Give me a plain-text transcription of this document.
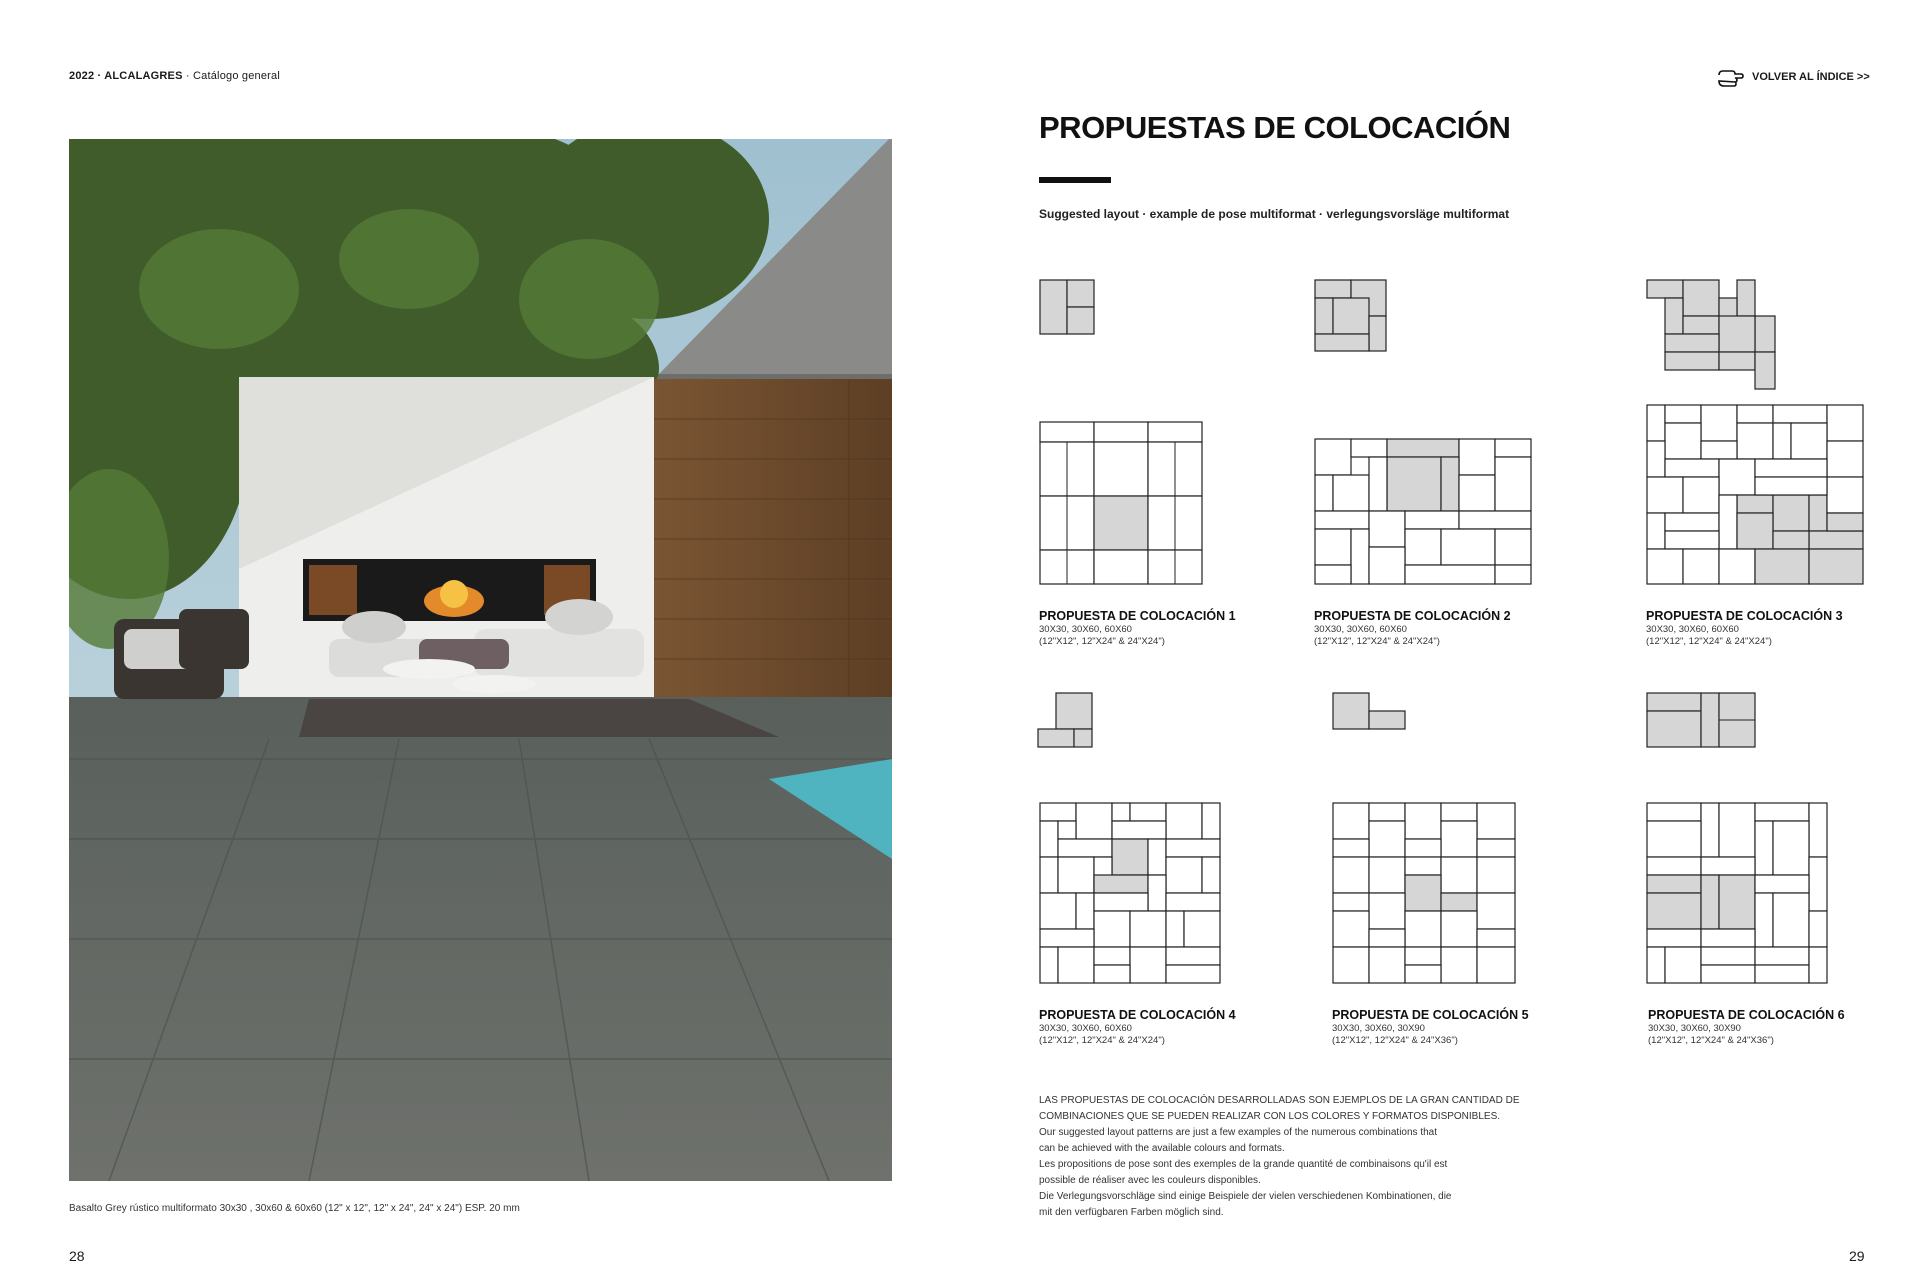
2022 · ALCALAGRES · Catálogo general	VOLVER AL ÍNDICE >>
Basalto Grey rústico multiformato 30x30 , 30x60 & 60x60 (12" x 12", 12" x 24", 24" x 24") ESP. 20 mm
28
PROPUESTAS DE COLOCACIÓN
Suggested layout · example de pose multiformat · verlegungsvorsläge multiformat
PROPUESTA DE COLOCACIÓN 1
30X30, 30X60, 60X60
(12"X12", 12"X24" & 24"X24")
PROPUESTA DE COLOCACIÓN 2
30X30, 30X60, 60X60
(12"X12", 12"X24" & 24"X24")
PROPUESTA DE COLOCACIÓN 3
30X30, 30X60, 60X60
(12"X12", 12"X24" & 24"X24")
PROPUESTA DE COLOCACIÓN 4
30X30, 30X60, 60X60
(12"X12", 12"X24" & 24"X24")
PROPUESTA DE COLOCACIÓN 5
30X30, 30X60, 30X90
(12"X12", 12"X24" & 24"X36")
PROPUESTA DE COLOCACIÓN 6
30X30, 30X60, 30X90
(12"X12", 12"X24" & 24"X36")
LAS PROPUESTAS DE COLOCACIÓN DESARROLLADAS SON EJEMPLOS DE LA GRAN CANTIDAD DE
COMBINACIONES QUE SE PUEDEN REALIZAR CON LOS COLORES Y FORMATOS DISPONIBLES.
Our suggested layout patterns are just a few examples of the numerous combinations that
can be achieved with the available colours and formats.
Les propositions de pose sont des exemples de la grande quantité de combinaisons qu'il est
possible de réaliser avec les couleurs disponibles.
Die Verlegungsvorschläge sind einige Beispiele der vielen verschiedenen Kombinationen, die
mit den verfügbaren Farben möglich sind.
29
